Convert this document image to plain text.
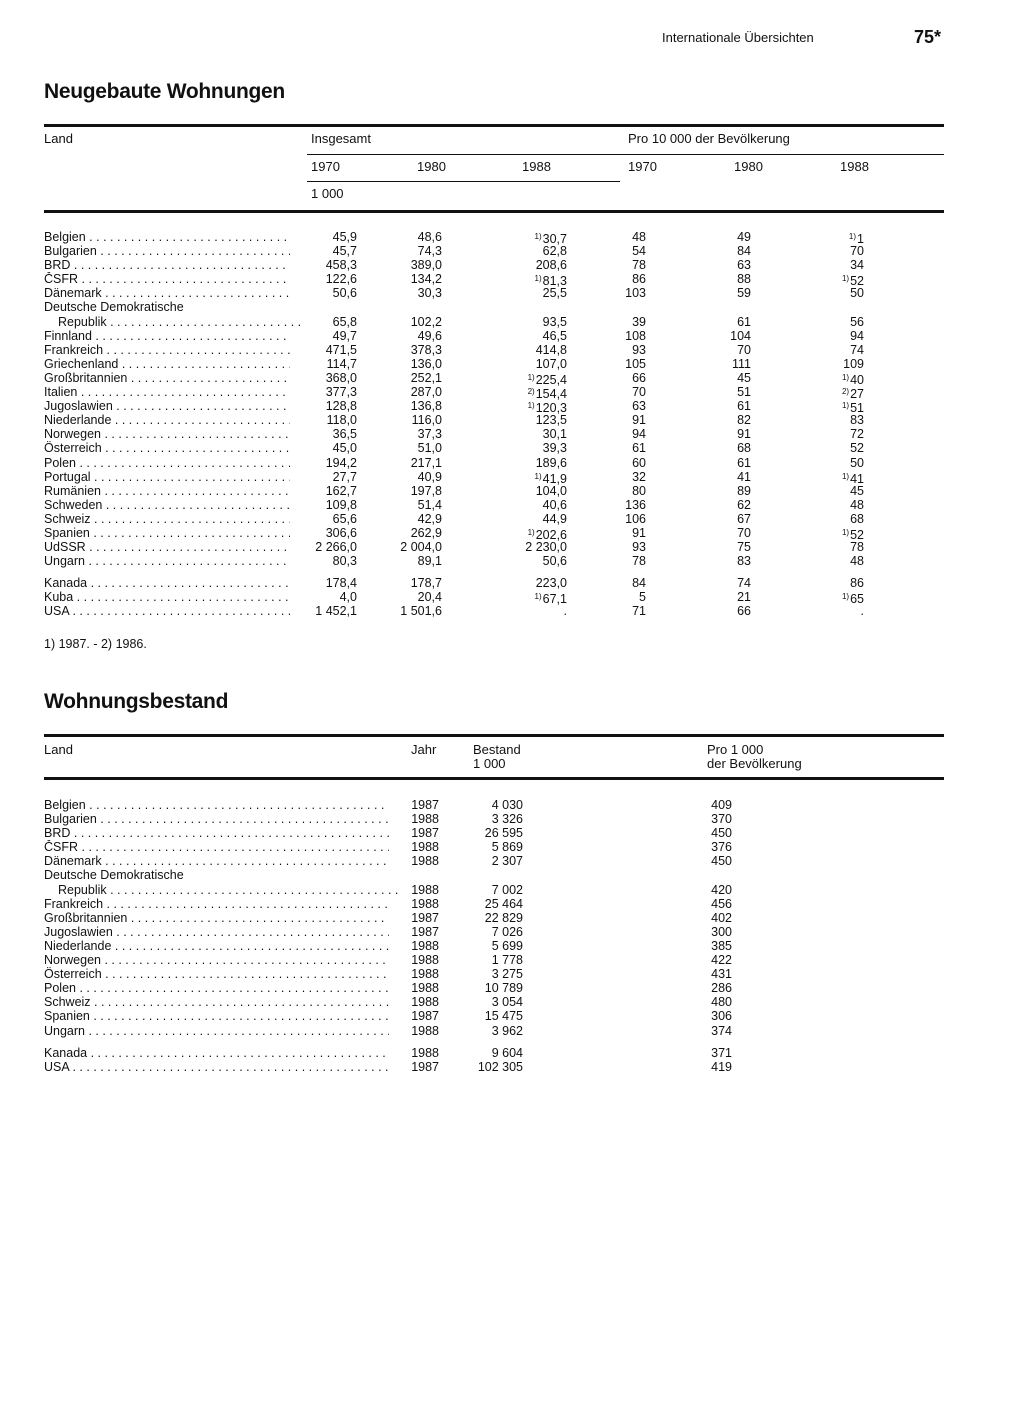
Internationale Übersichten	75*
Neugebaute Wohnungen
Land	Insgesamt	Pro 10 000 der Bevölkerung
1970	1980	1988	1970	1980	1988
1 000
Belgien . . .	45,9	48,6	$^{1)}$30,7	48	49	$^{1)}$1
Bulgarien . . .	45,7	74,3	62,8	54	84	70
BRD . . .	458,3	389,0	208,6	78	63	34
ČSFR . . .	122,6	134,2	$^{1)}$81,3	86	88	$^{1)}$52
Dänemark . . .	50,6	30,3	25,5	103	59	50
Deutsche Demokratische
Republik . . .	65,8	102,2	93,5	39	61	56
Finnland . . .	49,7	49,6	46,5	108	104	94
Frankreich . . .	471,5	378,3	414,8	93	70	74
Griechenland . . .	114,7	136,0	107,0	105	111	109
Großbritannien . . .	368,0	252,1	$^{1)}$225,4	66	45	$^{1)}$40
Italien . . .	377,3	287,0	$^{2)}$154,4	70	51	$^{2)}$27
Jugoslawien . . .	128,8	136,8	$^{1)}$120,3	63	61	$^{1)}$51
Niederlande . . .	118,0	116,0	123,5	91	82	83
Norwegen . . .	36,5	37,3	30,1	94	91	72
Österreich . . .	45,0	51,0	39,3	61	68	52
Polen . . .	194,2	217,1	189,6	60	61	50
Portugal . . .	27,7	40,9	$^{1)}$41,9	32	41	$^{1)}$41
Rumänien . . .	162,7	197,8	104,0	80	89	45
Schweden . . .	109,8	51,4	40,6	136	62	48
Schweiz . . .	65,6	42,9	44,9	106	67	68
Spanien . . .	306,6	262,9	$^{1)}$202,6	91	70	$^{1)}$52
UdSSR . . .	2 266,0	2 004,0	2 230,0	93	75	78
Ungarn . . .	80,3	89,1	50,6	78	83	48
Kanada . . .	178,4	178,7	223,0	84	74	86
Kuba . . .	4,0	20,4	$^{1)}$67,1	5	21	$^{1)}$65
USA . . .	1 452,1	1 501,6	.	71	66	.
1) 1987. - 2) 1986.
Wohnungsbestand
Land	Jahr	Bestand
1 000
Pro 1 000
der Bevölkerung
Belgien . . .	1987	4 030	409
Bulgarien . . .	1988	3 326	370
BRD . . .	1987	26 595	450
ČSFR . . .	1988	5 869	376
Dänemark . . .	1988	2 307	450
Deutsche Demokratische
Republik . . .	1988	7 002	420
Frankreich . . .	1988	25 464	456
Großbritannien . . .	1987	22 829	402
Jugoslawien . . .	1987	7 026	300
Niederlande . . .	1988	5 699	385
Norwegen . . .	1988	1 778	422
Österreich . . .	1988	3 275	431
Polen . . .	1988	10 789	286
Schweiz . . .	1988	3 054	480
Spanien . . .	1987	15 475	306
Ungarn . . .	1988	3 962	374
Kanada . . .	1988	9 604	371
USA . . .	1987	102 305	419
